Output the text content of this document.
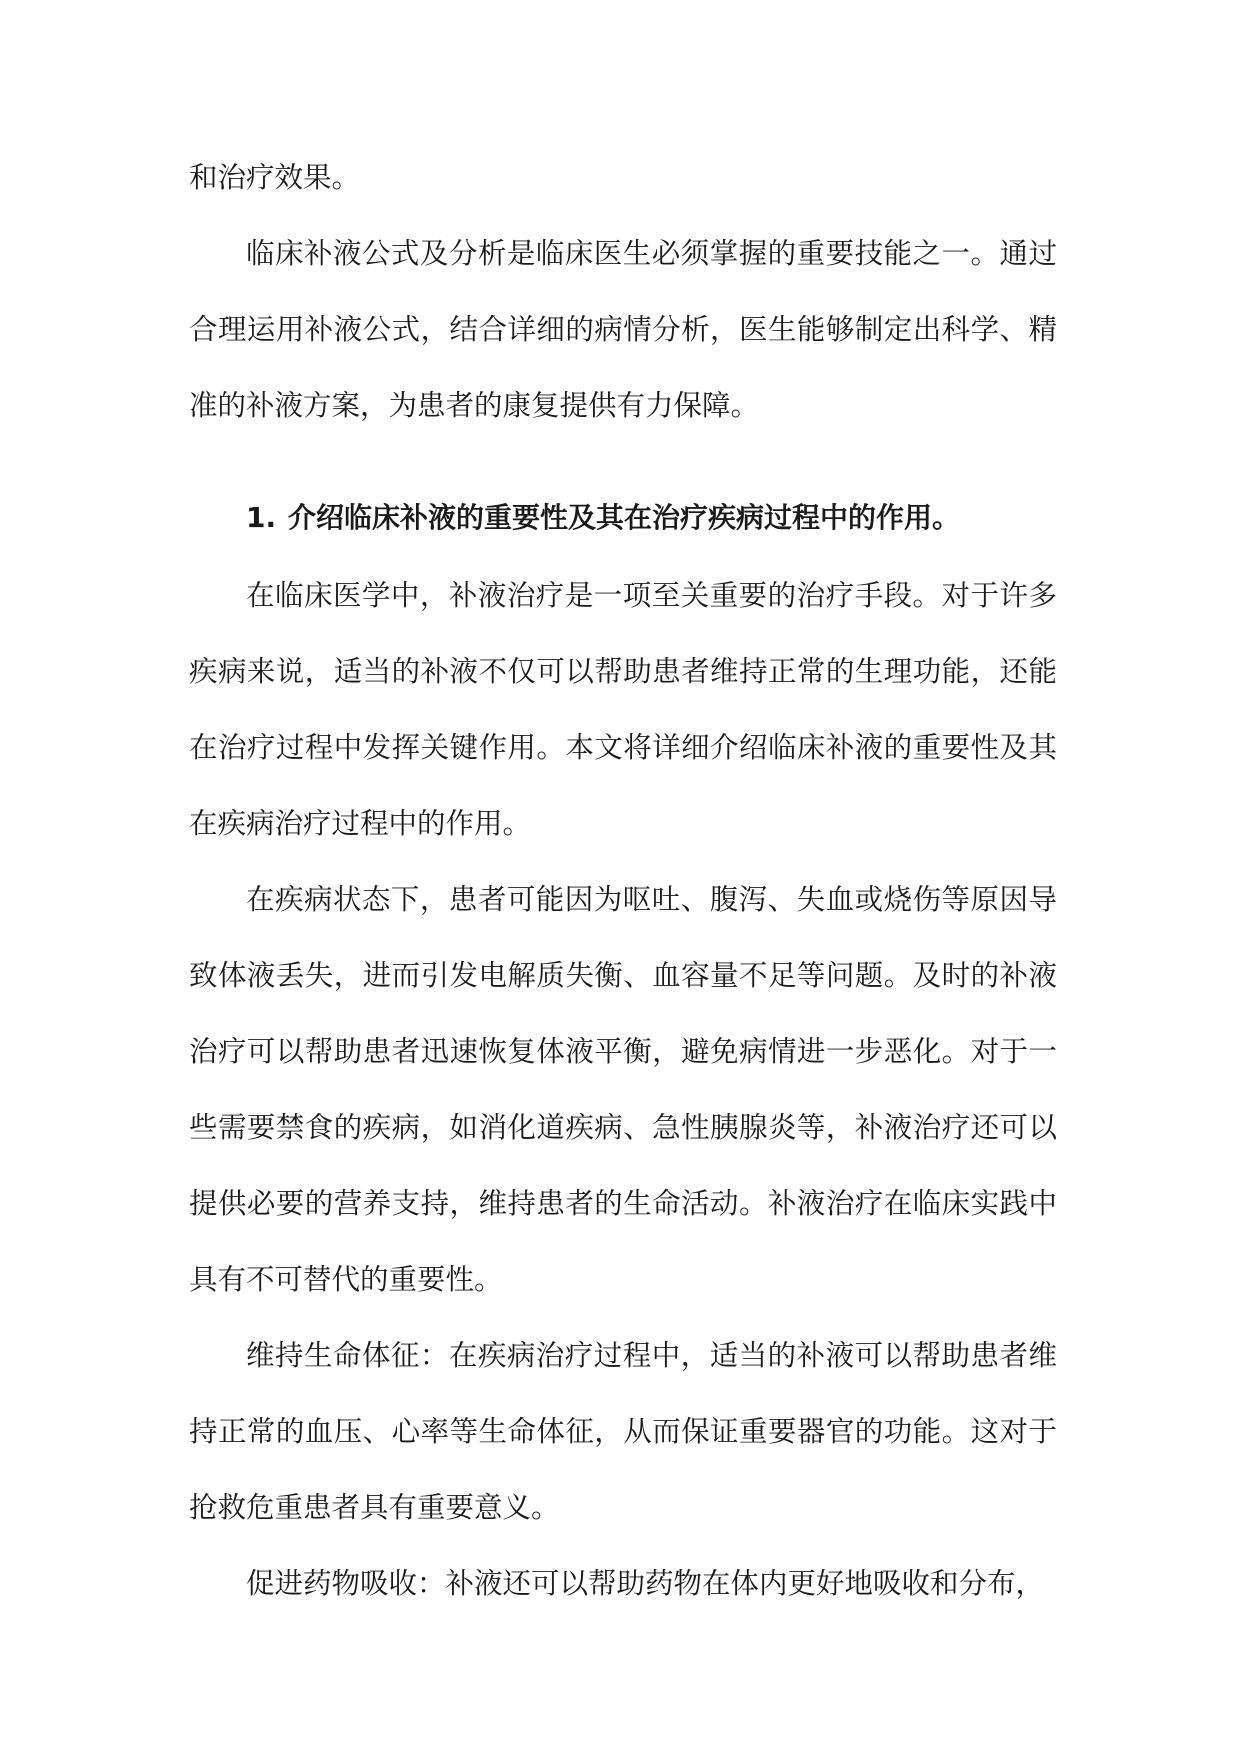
和治疗效果。

临床补液公式及分析是临床医生必须掌握的重要技能之一。通过合理运用补液公式，结合详细的病情分析，医生能够制定出科学、精准的补液方案，为患者的康复提供有力保障。

1. 介绍临床补液的重要性及其在治疗疾病过程中的作用。

在临床医学中，补液治疗是一项至关重要的治疗手段。对于许多疾病来说，适当的补液不仅可以帮助患者维持正常的生理功能，还能在治疗过程中发挥关键作用。本文将详细介绍临床补液的重要性及其在疾病治疗过程中的作用。

在疾病状态下，患者可能因为呕吐、腹泻、失血或烧伤等原因导致体液丢失，进而引发电解质失衡、血容量不足等问题。及时的补液治疗可以帮助患者迅速恢复体液平衡，避免病情进一步恶化。对于一些需要禁食的疾病，如消化道疾病、急性胰腺炎等，补液治疗还可以提供必要的营养支持，维持患者的生命活动。补液治疗在临床实践中具有不可替代的重要性。

维持生命体征：在疾病治疗过程中，适当的补液可以帮助患者维持正常的血压、心率等生命体征，从而保证重要器官的功能。这对于抢救危重患者具有重要意义。

促进药物吸收：补液还可以帮助药物在体内更好地吸收和分布，
